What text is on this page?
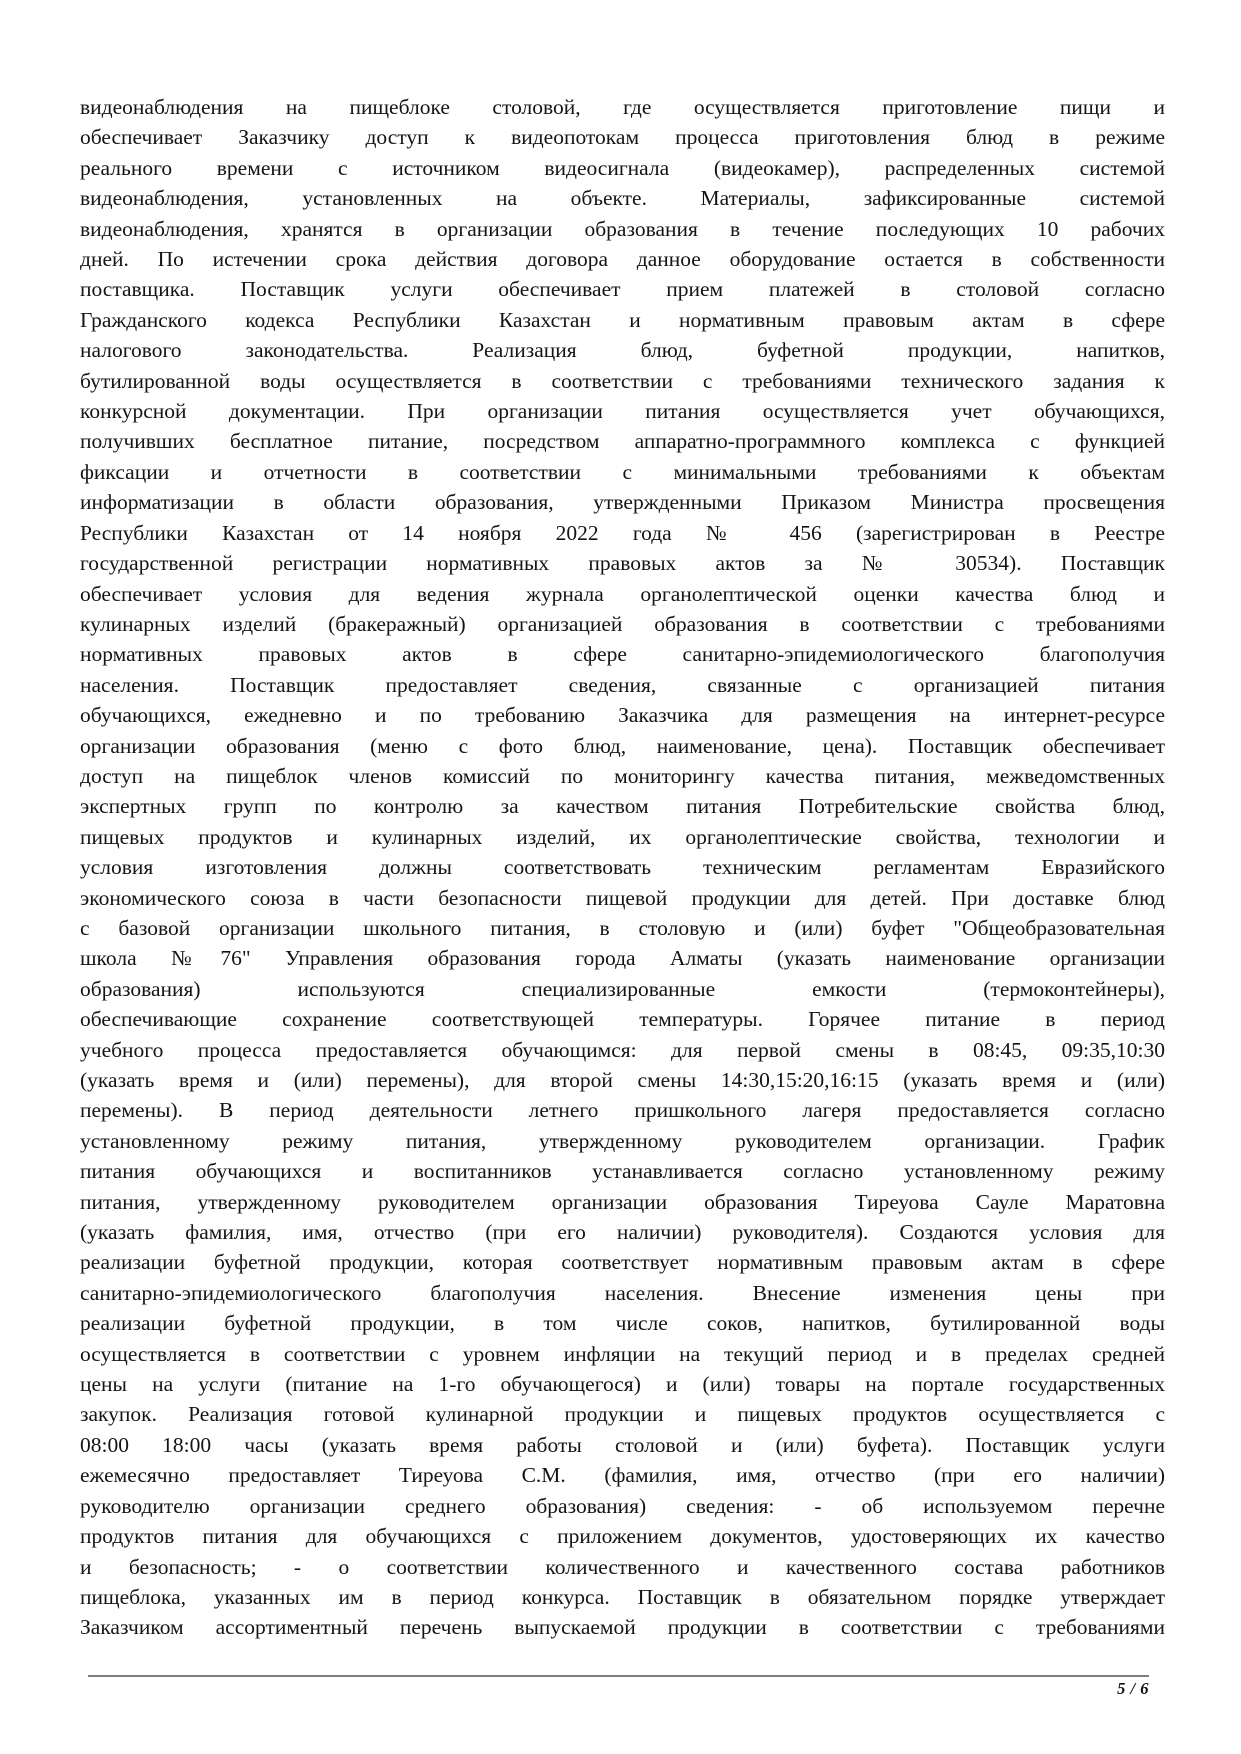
видеонаблюдения на пищеблоке столовой, где осуществляется приготовление пищи и
обеспечивает Заказчику доступ к видеопотокам процесса приготовления блюд в режиме
реального времени с источником видеосигнала (видеокамер), распределенных системой
видеонаблюдения, установленных на объекте. Материалы, зафиксированные системой
видеонаблюдения, хранятся в организации образования в течение последующих 10 рабочих
дней. По истечении срока действия договора данное оборудование остается в собственности
поставщика. Поставщик услуги обеспечивает прием платежей в столовой согласно
Гражданского кодекса Республики Казахстан и нормативным правовым актам в сфере
налогового законодательства. Реализация блюд, буфетной продукции, напитков,
бутилированной воды осуществляется в соответствии с требованиями технического задания к
конкурсной документации. При организации питания осуществляется учет обучающихся,
получивших бесплатное питание, посредством аппаратно-программного комплекса с функцией
фиксации и отчетности в соответствии с минимальными требованиями к объектам
информатизации в области образования, утвержденными Приказом Министра просвещения
Республики Казахстан от 14 ноября 2022 года № 456 (зарегистрирован в Реестре
государственной регистрации нормативных правовых актов за № 30534). Поставщик
обеспечивает условия для ведения журнала органолептической оценки качества блюд и
кулинарных изделий (бракеражный) организацией образования в соответствии с требованиями
нормативных правовых актов в сфере санитарно-эпидемиологического благополучия
населения. Поставщик предоставляет сведения, связанные с организацией питания
обучающихся, ежедневно и по требованию Заказчика для размещения на интернет-ресурсе
организации образования (меню с фото блюд, наименование, цена). Поставщик обеспечивает
доступ на пищеблок членов комиссий по мониторингу качества питания, межведомственных
экспертных групп по контролю за качеством питания Потребительские свойства блюд,
пищевых продуктов и кулинарных изделий, их органолептические свойства, технологии и
условия изготовления должны соответствовать техническим регламентам Евразийского
экономического союза в части безопасности пищевой продукции для детей. При доставке блюд
с базовой организации школьного питания, в столовую и (или) буфет "Общеобразовательная
школа №76" Управления образования города Алматы (указать наименование организации
образования) используются специализированные емкости (термоконтейнеры),
обеспечивающие сохранение соответствующей температуры. Горячее питание в период
учебного процесса предоставляется обучающимся: для первой смены в 08:45, 09:35,10:30
(указать время и (или) перемены), для второй смены 14:30,15:20,16:15 (указать время и (или)
перемены). В период деятельности летнего пришкольного лагеря предоставляется согласно
установленному режиму питания, утвержденному руководителем организации. График
питания обучающихся и воспитанников устанавливается согласно установленному режиму
питания, утвержденному руководителем организации образования Тиреуова Сауле Маратовна
(указать фамилия, имя, отчество (при его наличии) руководителя). Создаются условия для
реализации буфетной продукции, которая соответствует нормативным правовым актам в сфере
санитарно-эпидемиологического благополучия населения. Внесение изменения цены при
реализации буфетной продукции, в том числе соков, напитков, бутилированной воды
осуществляется в соответствии с уровнем инфляции на текущий период и в пределах средней
цены на услуги (питание на 1-го обучающегося) и (или) товары на портале государственных
закупок. Реализация готовой кулинарной продукции и пищевых продуктов осуществляется с
08:00 18:00 часы (указать время работы столовой и (или) буфета). Поставщик услуги
ежемесячно предоставляет Тиреуова С.М. (фамилия, имя, отчество (при его наличии)
руководителю организации среднего образования) сведения: - об используемом перечне
продуктов питания для обучающихся с приложением документов, удостоверяющих их качество
и безопасность; - о соответствии количественного и качественного состава работников
пищеблока, указанных им в период конкурса. Поставщик в обязательном порядке утверждает
Заказчиком ассортиментный перечень выпускаемой продукции в соответствии с требованиями
5 / 6
